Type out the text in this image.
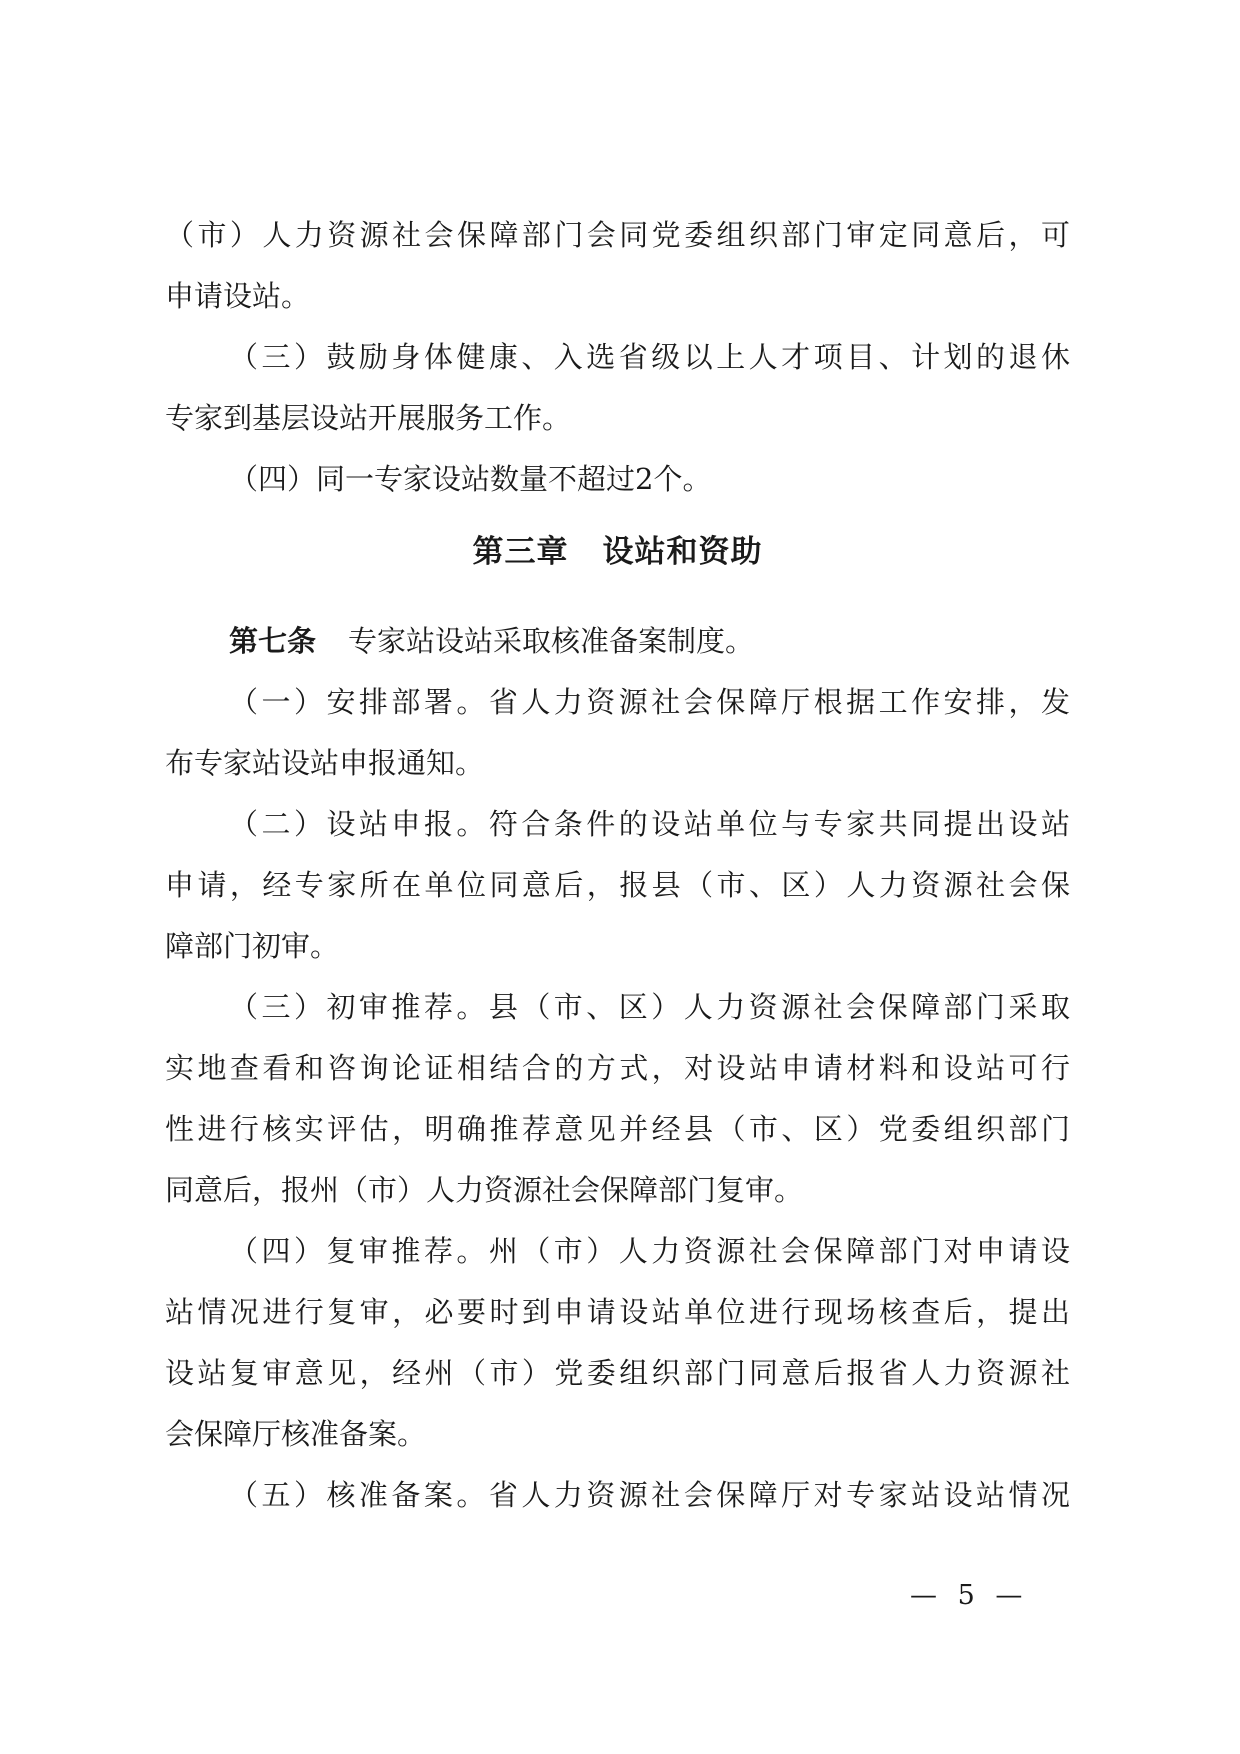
（市）人力资源社会保障部门会同党委组织部门审定同意后，可
申请设站。
（三）鼓励身体健康、入选省级以上人才项目、计划的退休
专家到基层设站开展服务工作。
（四）同一专家设站数量不超过2个。
第三章 设站和资助
第七条 专家站设站采取核准备案制度。
（一）安排部署。省人力资源社会保障厅根据工作安排，发
布专家站设站申报通知。
（二）设站申报。符合条件的设站单位与专家共同提出设站
申请，经专家所在单位同意后，报县（市、区）人力资源社会保
障部门初审。
（三）初审推荐。县（市、区）人力资源社会保障部门采取
实地查看和咨询论证相结合的方式，对设站申请材料和设站可行
性进行核实评估，明确推荐意见并经县（市、区）党委组织部门
同意后，报州（市）人力资源社会保障部门复审。
（四）复审推荐。州（市）人力资源社会保障部门对申请设
站情况进行复审，必要时到申请设站单位进行现场核查后，提出
设站复审意见，经州（市）党委组织部门同意后报省人力资源社
会保障厅核准备案。
（五）核准备案。省人力资源社会保障厅对专家站设站情况
— 5 —
